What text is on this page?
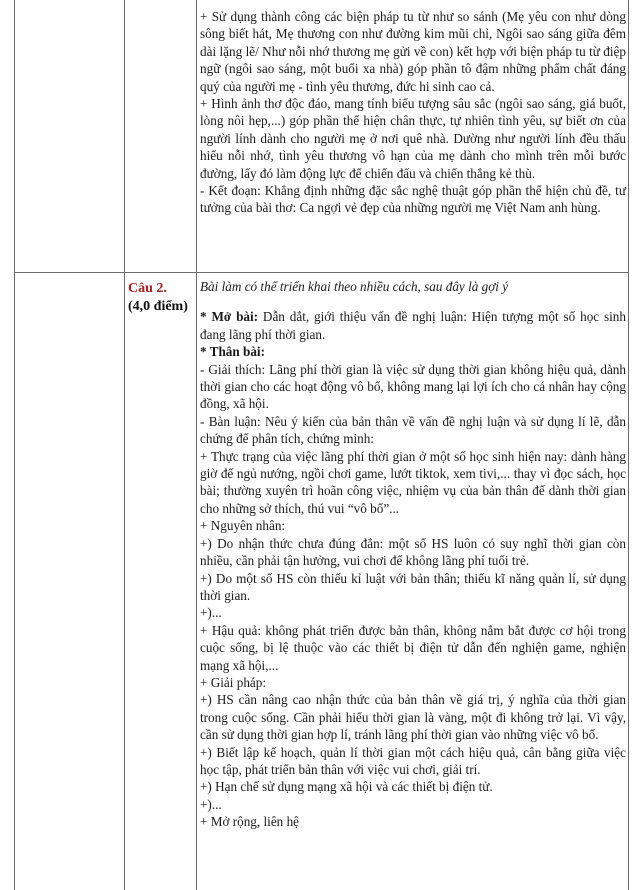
+ Sử dụng thành công các biện pháp tu từ như so sánh (Mẹ yêu con như dòng sông biết hát, Mẹ thương con như đường kim mũi chỉ, Ngôi sao sáng giữa đêm dài lặng lẽ/ Như nỗi nhớ thương mẹ gửi về con) kết hợp với biện pháp tu từ điệp ngữ (ngôi sao sáng, một buổi xa nhà) góp phần tô đậm những phẩm chất đáng quý của người mẹ - tình yêu thương, đức hi sinh cao cả.

+ Hình ảnh thơ độc đáo, mang tính biểu tượng sâu sắc (ngôi sao sáng, giá buốt, lòng nôi hẹp,...) góp phần thể hiện chân thực, tự nhiên tình yêu, sự biết ơn của người lính dành cho người mẹ ở nơi quê nhà. Dường như người lính đều thấu hiểu nỗi nhớ, tình yêu thương vô hạn của mẹ dành cho mình trên mỗi bước đường, lấy đó làm động lực để chiến đấu và chiến thắng kẻ thù.

- Kết đoạn: Khẳng định những đặc sắc nghệ thuật góp phần thể hiện chủ đề, tư tưởng của bài thơ: Ca ngợi vẻ đẹp của những người mẹ Việt Nam anh hùng.

Câu 2.
(4,0 điểm)

Bài làm có thể triển khai theo nhiều cách, sau đây là gợi ý

* Mở bài: Dẫn dắt, giới thiệu vấn đề nghị luận: Hiện tượng một số học sinh đang lãng phí thời gian.

* Thân bài:

- Giải thích: Lãng phí thời gian là việc sử dụng thời gian không hiệu quả, dành thời gian cho các hoạt động vô bổ, không mang lại lợi ích cho cá nhân hay cộng đồng, xã hội.

- Bàn luận: Nêu ý kiến của bản thân về vấn đề nghị luận và sử dụng lí lẽ, dẫn chứng để phân tích, chứng minh:

+ Thực trạng của việc lãng phí thời gian ở một số học sinh hiện nay: dành hàng giờ để ngủ nướng, ngồi chơi game, lướt tiktok, xem tivi,... thay vì đọc sách, học bài; thường xuyên trì hoãn công việc, nhiệm vụ của bản thân để dành thời gian cho những sở thích, thú vui “vô bổ”...

+ Nguyên nhân:

+) Do nhận thức chưa đúng đắn: một số HS luôn có suy nghĩ thời gian còn nhiều, cần phải tận hưởng, vui chơi để không lãng phí tuổi trẻ.

+) Do một số HS còn thiếu kỉ luật với bản thân; thiếu kĩ năng quản lí, sử dụng thời gian.

+)...

+ Hậu quả: không phát triển được bản thân, không nắm bắt được cơ hội trong cuộc sống, bị lệ thuộc vào các thiết bị điện tử dẫn đến nghiện game, nghiện mạng xã hội,...

+ Giải pháp:

+) HS cần nâng cao nhận thức của bản thân về giá trị, ý nghĩa của thời gian trong cuộc sống. Cần phải hiểu thời gian là vàng, một đi không trở lại. Vì vậy, cần sử dụng thời gian hợp lí, tránh lãng phí thời gian vào những việc vô bổ.

+) Biết lập kế hoạch, quản lí thời gian một cách hiệu quả, cân bằng giữa việc học tập, phát triển bản thân với việc vui chơi, giải trí.

+) Hạn chế sử dụng mạng xã hội và các thiết bị điện tử.

+)...

+ Mở rộng, liên hệ
